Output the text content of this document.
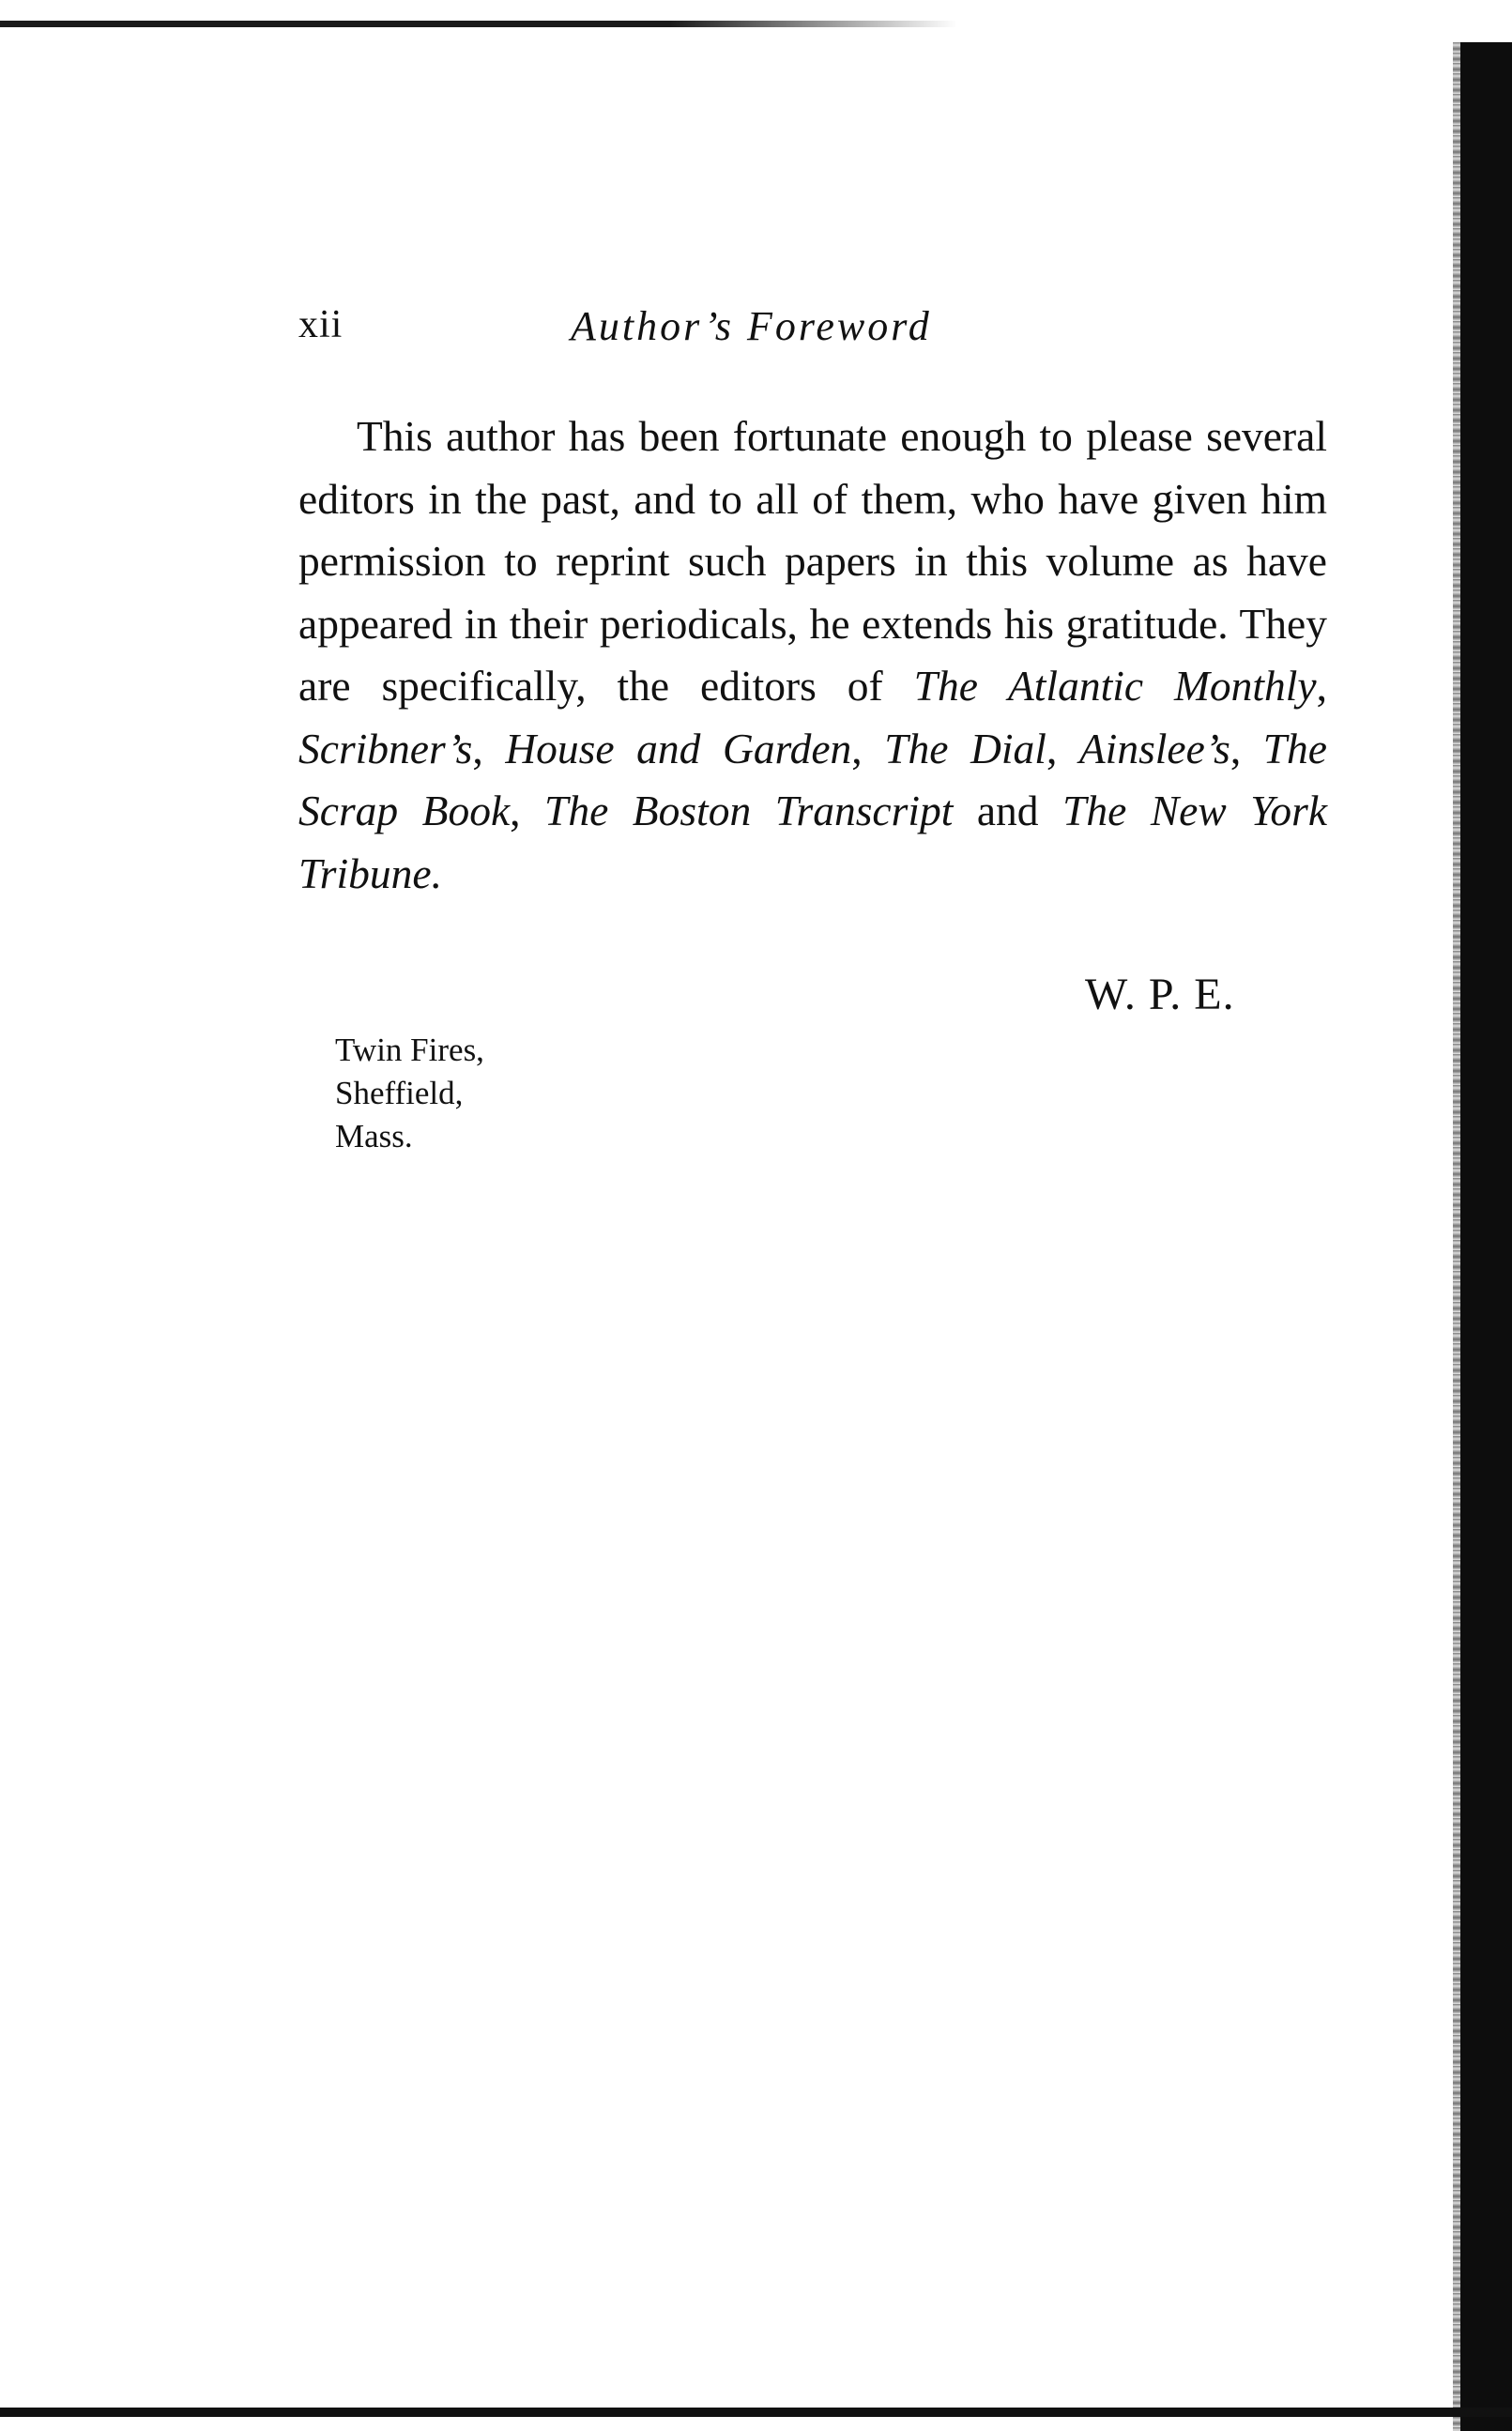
xii	Author’s Foreword

This author has been fortunate enough to please several editors in the past, and to all of them, who have given him permission to reprint such papers in this volume as have appeared in their periodicals, he extends his gratitude. They are specifically, the editors of The Atlantic Monthly, Scribner’s, House and Garden, The Dial, Ainslee’s, The Scrap Book, The Boston Transcript and The New York Tribune.

W. P. E.
Twin Fires,
Sheffield,
Mass.
